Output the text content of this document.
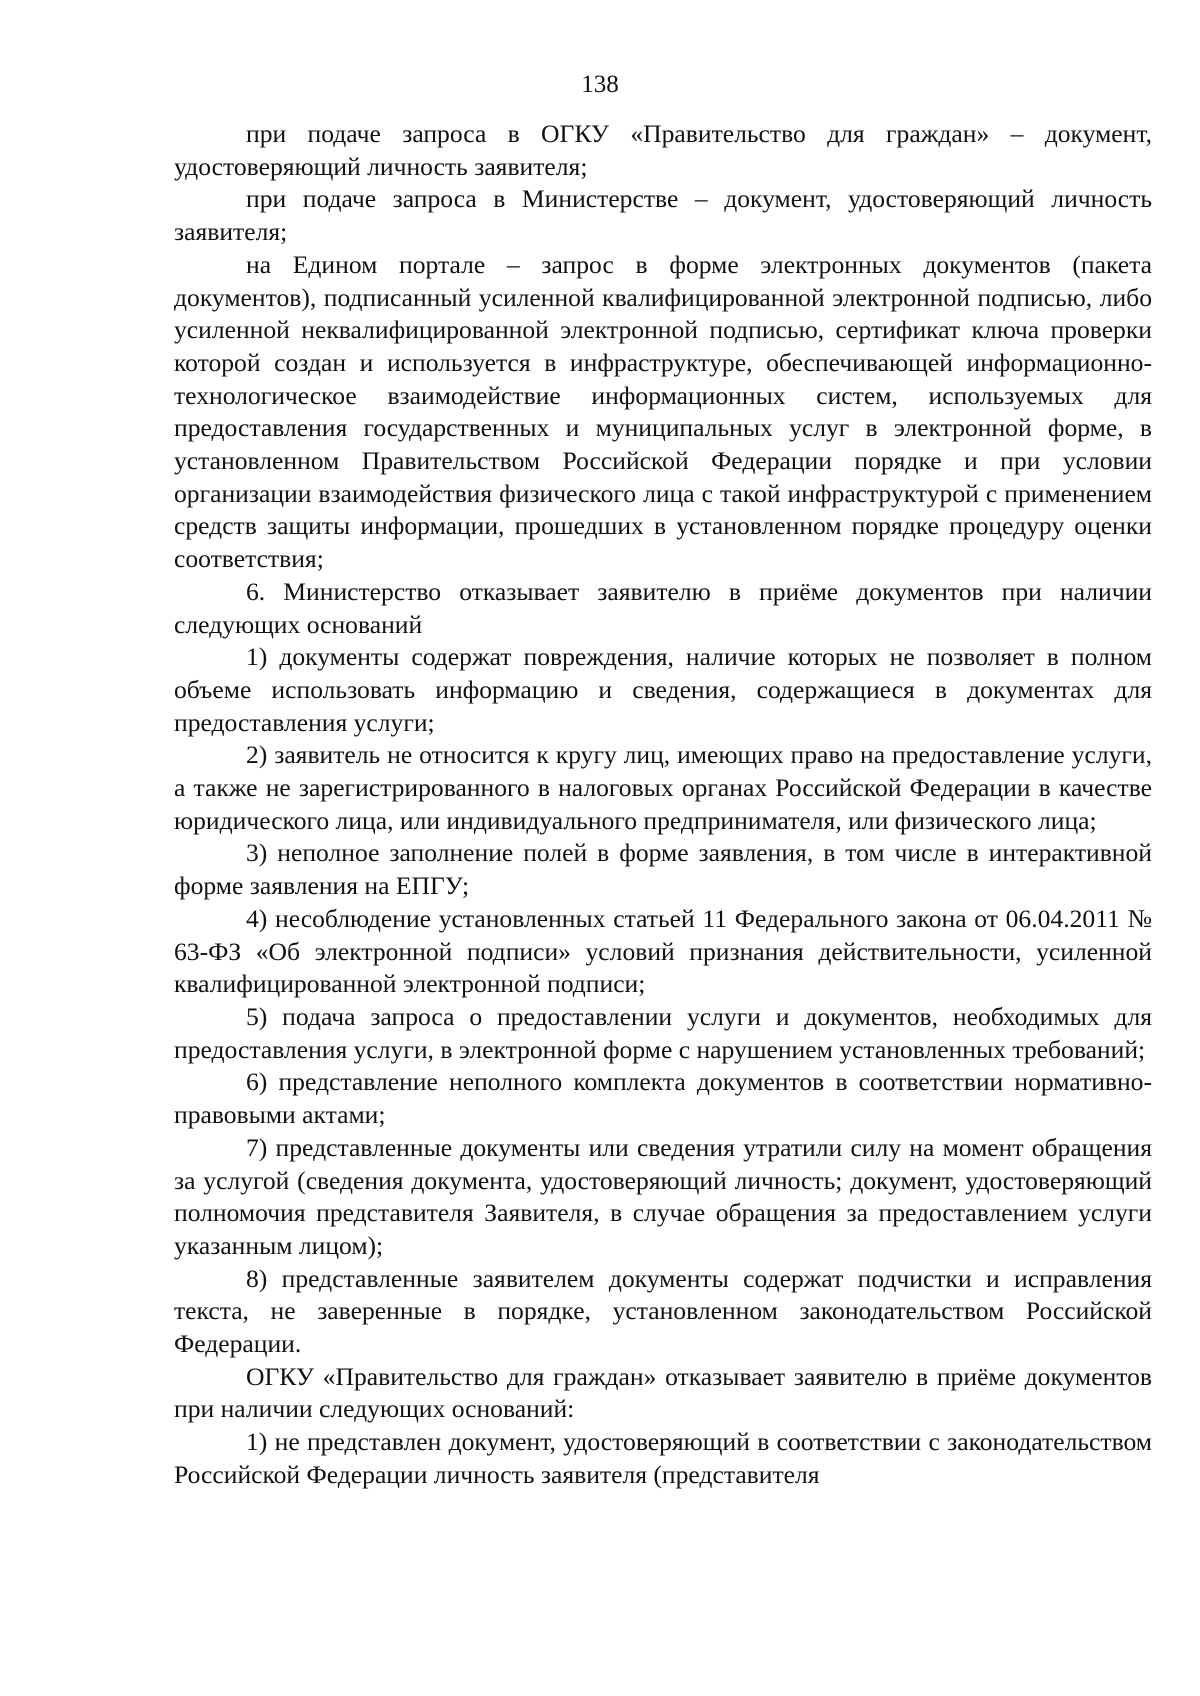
138

при подаче запроса в ОГКУ «Правительство для граждан» – документ, удостоверяющий личность заявителя;

при подаче запроса в Министерстве – документ, удостоверяющий личность заявителя;

на Едином портале – запрос в форме электронных документов (пакета документов), подписанный усиленной квалифицированной электронной подписью, либо усиленной неквалифицированной электронной подписью, сертификат ключа проверки которой создан и используется в инфраструктуре, обеспечивающей информационно-технологическое взаимодействие информационных систем, используемых для предоставления государственных и муниципальных услуг в электронной форме, в установленном Правительством Российской Федерации порядке и при условии организации взаимодействия физического лица с такой инфраструктурой с применением средств защиты информации, прошедших в установленном порядке процедуру оценки соответствия;

6. Министерство отказывает заявителю в приёме документов при наличии следующих оснований

1) документы содержат повреждения, наличие которых не позволяет в полном объеме использовать информацию и сведения, содержащиеся в документах для предоставления услуги;

2) заявитель не относится к кругу лиц, имеющих право на предоставление услуги, а также не зарегистрированного в налоговых органах Российской Федерации в качестве юридического лица, или индивидуального предпринимателя, или физического лица;

3) неполное заполнение полей в форме заявления, в том числе в интерактивной форме заявления на ЕПГУ;

4) несоблюдение установленных статьей 11 Федерального закона от 06.04.2011 № 63-ФЗ «Об электронной подписи» условий признания действительности, усиленной квалифицированной электронной подписи;

5) подача запроса о предоставлении услуги и документов, необходимых для предоставления услуги, в электронной форме с нарушением установленных требований;

6) представление неполного комплекта документов в соответствии нормативно-правовыми актами;

7) представленные документы или сведения утратили силу на момент обращения за услугой (сведения документа, удостоверяющий личность; документ, удостоверяющий полномочия представителя Заявителя, в случае обращения за предоставлением услуги указанным лицом);

8) представленные заявителем документы содержат подчистки и исправления текста, не заверенные в порядке, установленном законодательством Российской Федерации.

ОГКУ «Правительство для граждан» отказывает заявителю в приёме документов при наличии следующих оснований:

1) не представлен документ, удостоверяющий в соответствии с законодательством Российской Федерации личность заявителя (представителя
